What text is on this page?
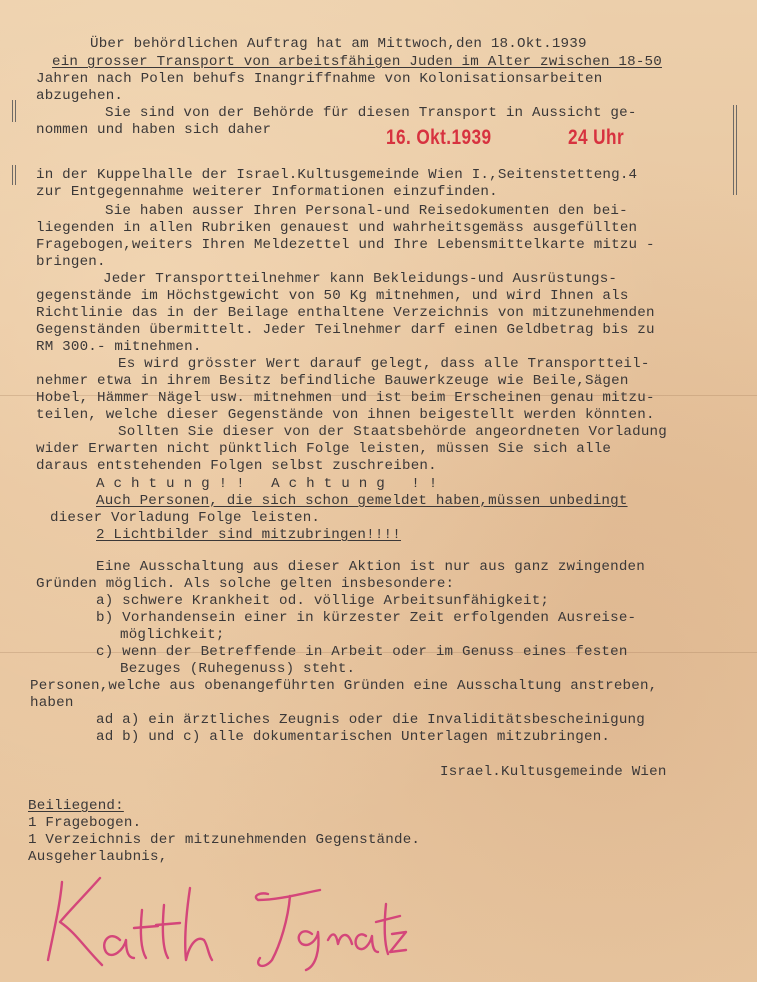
Über behördlichen Auftrag hat am Mittwoch,den 18.Okt.1939
ein grosser Transport von arbeitsfähigen Juden im Alter zwischen 18-50
Jahren nach Polen behufs Inangriffnahme von Kolonisationsarbeiten
abzugehen.
Sie sind von der Behörde für diesen Transport in Aussicht ge-
nommen und haben sich daher	16. Okt.1939	24 Uhr
in der Kuppelhalle der Israel.Kultusgemeinde Wien I.,Seitenstetteng.4
zur Entgegennahme weiterer Informationen einzufinden.
Sie haben ausser Ihren Personal-und Reisedokumenten den bei-
liegenden in allen Rubriken genauest und wahrheitsgemäss ausgefüllten
Fragebogen,weiters Ihren Meldezettel und Ihre Lebensmittelkarte mitzu -
bringen.
Jeder Transportteilnehmer kann Bekleidungs-und Ausrüstungs-
gegenstände im Höchstgewicht von 50 Kg mitnehmen, und wird Ihnen als
Richtlinie das in der Beilage enthaltene Verzeichnis von mitzunehmenden
Gegenständen übermittelt. Jeder Teilnehmer darf einen Geldbetrag bis zu
RM 300.- mitnehmen.
Es wird grösster Wert darauf gelegt, dass alle Transportteil-
nehmer etwa in ihrem Besitz befindliche Bauwerkzeuge wie Beile,Sägen
Hobel, Hämmer Nägel usw. mitnehmen und ist beim Erscheinen genau mitzu-
teilen, welche dieser Gegenstände von ihnen beigestellt werden könnten.
Sollten Sie dieser von der Staatsbehörde angeordneten Vorladung
wider Erwarten nicht pünktlich Folge leisten, müssen Sie sich alle
daraus entstehenden Folgen selbst zuschreiben.
Achtung!! Achtung !!
Auch Personen, die sich schon gemeldet haben,müssen unbedingt
dieser Vorladung Folge leisten.
2 Lichtbilder sind mitzubringen!!!!
Eine Ausschaltung aus dieser Aktion ist nur aus ganz zwingenden
Gründen möglich. Als solche gelten insbesondere:
a) schwere Krankheit od. völlige Arbeitsunfähigkeit;
b) Vorhandensein einer in kürzester Zeit erfolgenden Ausreise-
möglichkeit;
c) wenn der Betreffende in Arbeit oder im Genuss eines festen
Bezuges (Ruhegenuss) steht.
Personen,welche aus obenangeführten Gründen eine Ausschaltung anstreben,
haben
ad a) ein ärztliches Zeugnis oder die Invaliditätsbescheinigung
ad b) und c) alle dokumentarischen Unterlagen mitzubringen.
Israel.Kultusgemeinde Wien
Beiliegend:
1 Fragebogen.
1 Verzeichnis der mitzunehmenden Gegenstände.
Ausgeherlaubnis,
